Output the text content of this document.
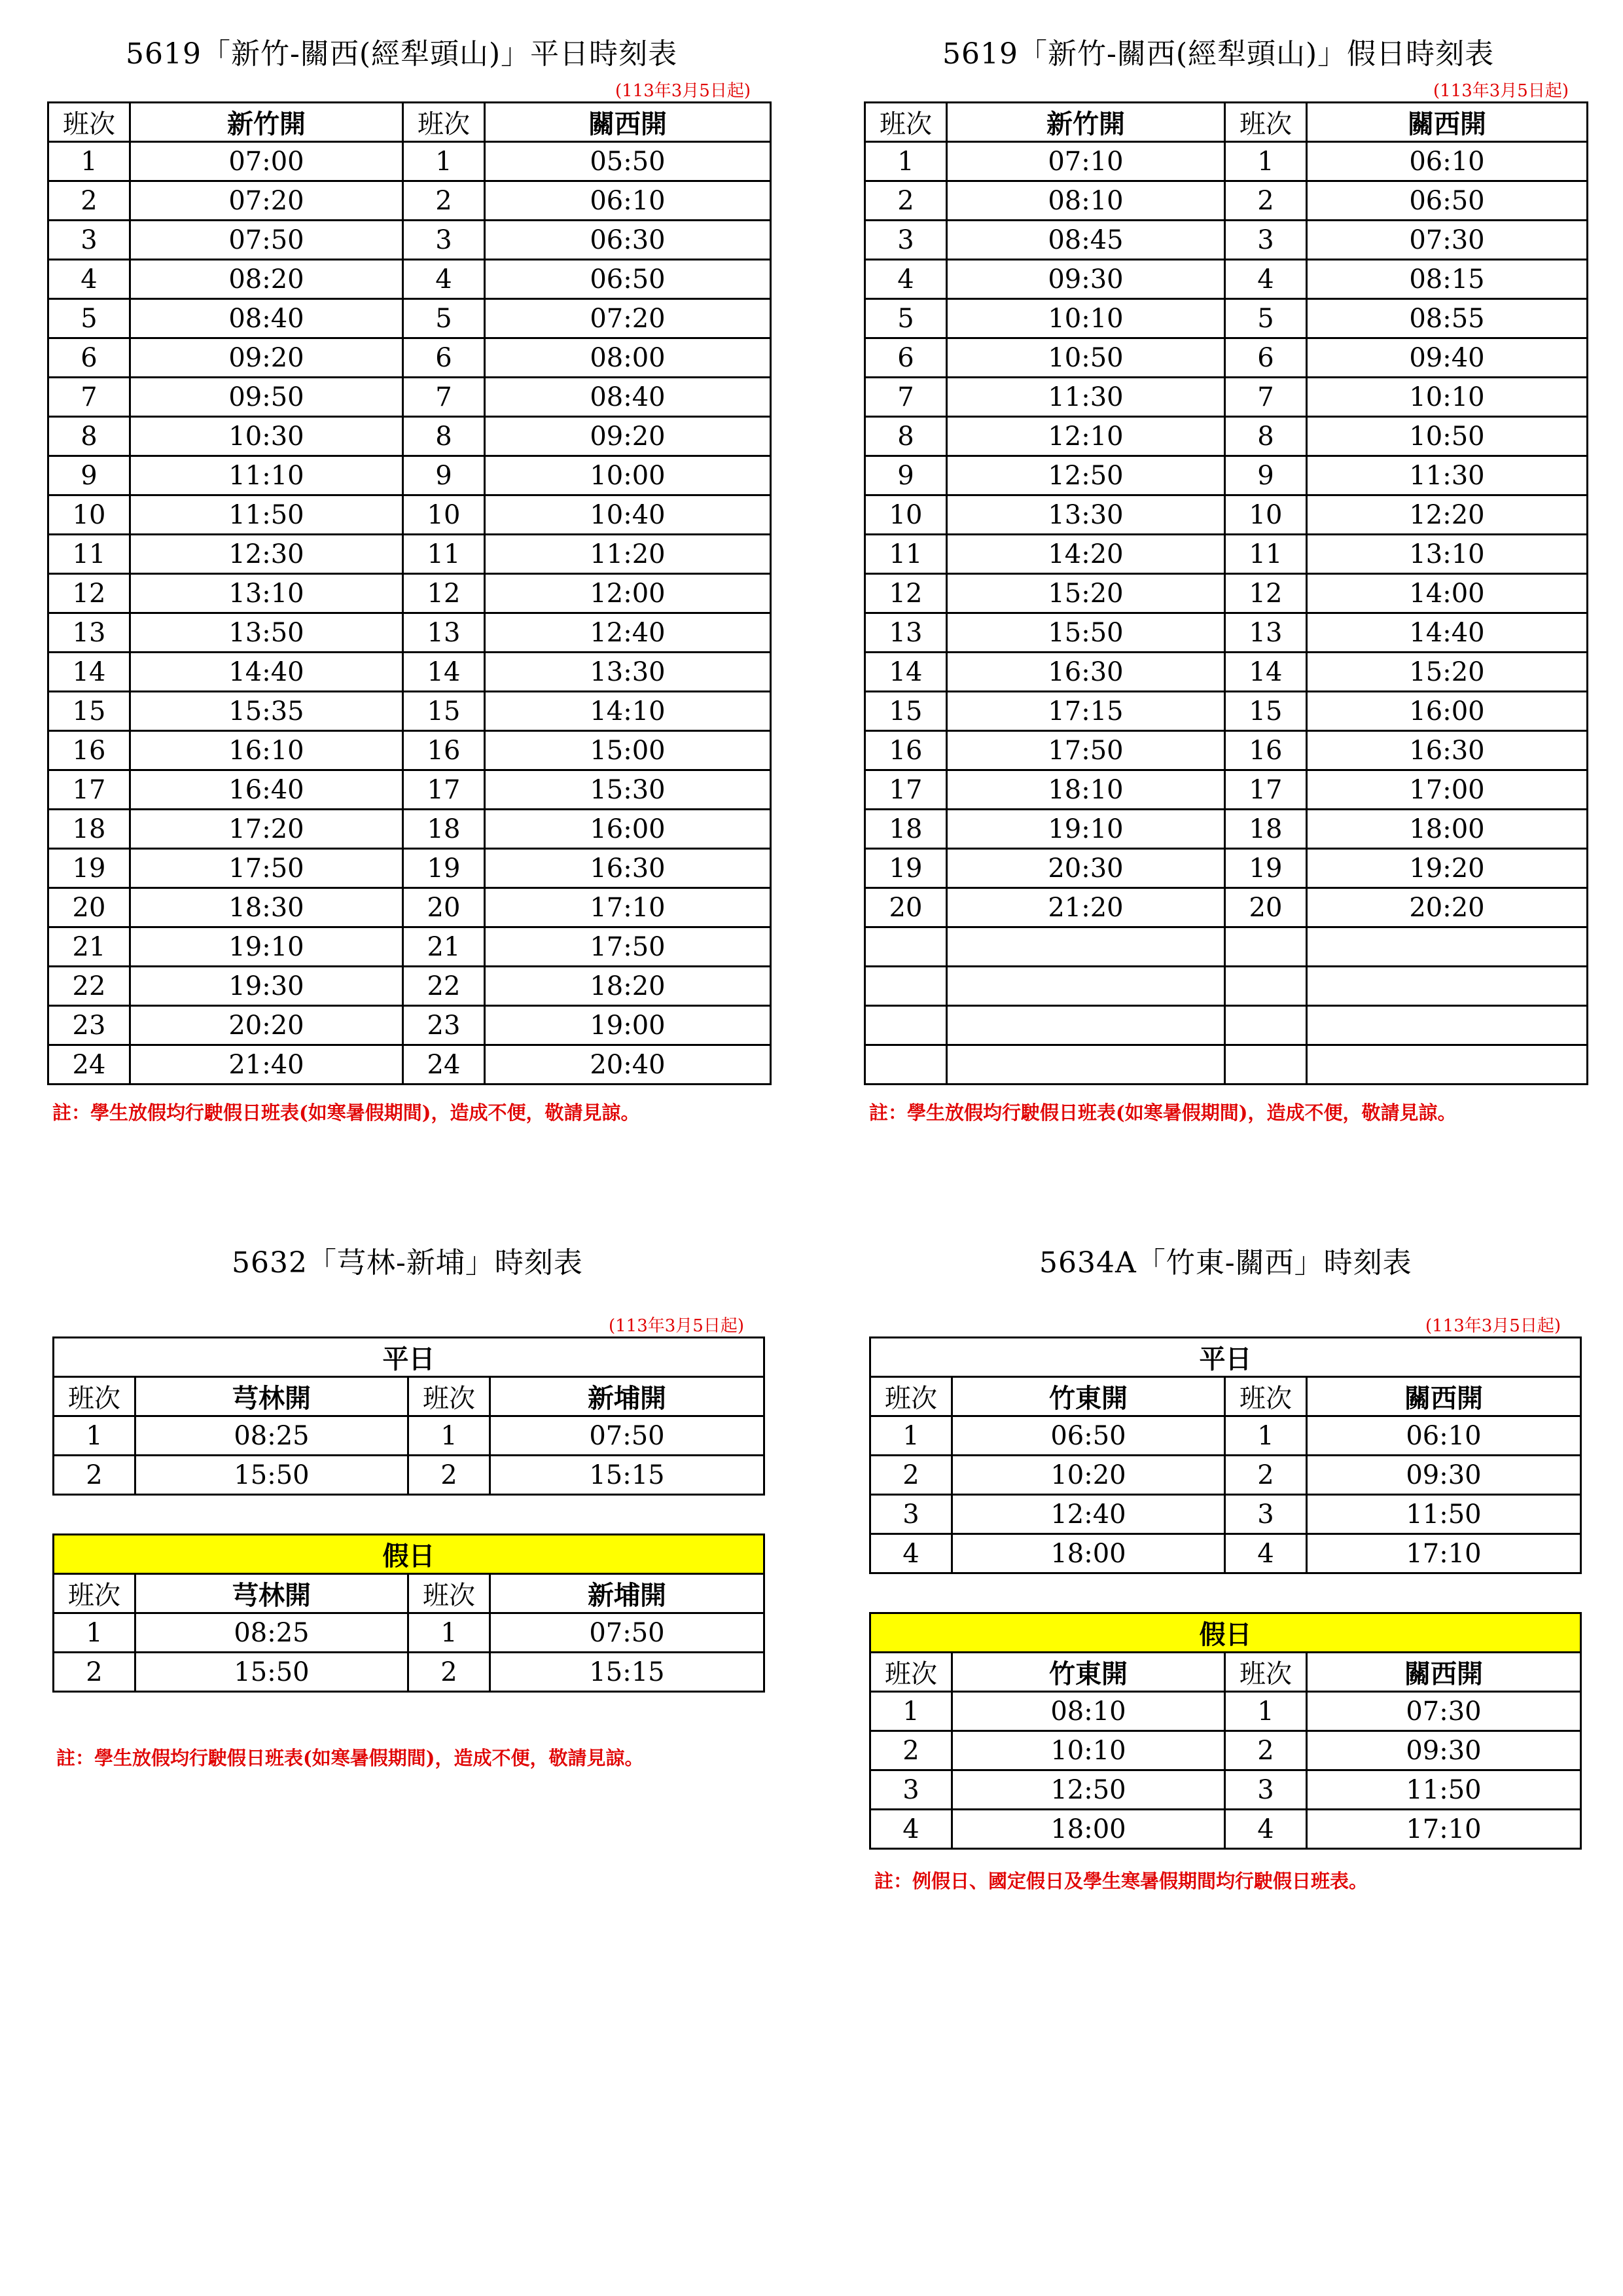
5619「新竹-關西(經犁頭山)」平日時刻表
(113年3月5日起)
班次	新竹開	班次	關西開
1	07:00	1	05:50
2	07:20	2	06:10
3	07:50	3	06:30
4	08:20	4	06:50
5	08:40	5	07:20
6	09:20	6	08:00
7	09:50	7	08:40
8	10:30	8	09:20
9	11:10	9	10:00
10	11:50	10	10:40
11	12:30	11	11:20
12	13:10	12	12:00
13	13:50	13	12:40
14	14:40	14	13:30
15	15:35	15	14:10
16	16:10	16	15:00
17	16:40	17	15:30
18	17:20	18	16:00
19	17:50	19	16:30
20	18:30	20	17:10
21	19:10	21	17:50
22	19:30	22	18:20
23	20:20	23	19:00
24	21:40	24	20:40
註：學生放假均行駛假日班表(如寒暑假期間)，造成不便，敬請見諒。
5619「新竹-關西(經犁頭山)」假日時刻表
(113年3月5日起)
班次	新竹開	班次	關西開
1	07:10	1	06:10
2	08:10	2	06:50
3	08:45	3	07:30
4	09:30	4	08:15
5	10:10	5	08:55
6	10:50	6	09:40
7	11:30	7	10:10
8	12:10	8	10:50
9	12:50	9	11:30
10	13:30	10	12:20
11	14:20	11	13:10
12	15:20	12	14:00
13	15:50	13	14:40
14	16:30	14	15:20
15	17:15	15	16:00
16	17:50	16	16:30
17	18:10	17	17:00
18	19:10	18	18:00
19	20:30	19	19:20
20	21:20	20	20:20

註：學生放假均行駛假日班表(如寒暑假期間)，造成不便，敬請見諒。
5632「芎林-新埔」時刻表
(113年3月5日起)
平日			
班次	芎林開	班次	新埔開
1	08:25	1	07:50
2	15:50	2	15:15
假日			
班次	芎林開	班次	新埔開
1	08:25	1	07:50
2	15:50	2	15:15
註：學生放假均行駛假日班表(如寒暑假期間)，造成不便，敬請見諒。
5634A「竹東-關西」時刻表
(113年3月5日起)
平日			
班次	竹東開	班次	關西開
1	06:50	1	06:10
2	10:20	2	09:30
3	12:40	3	11:50
4	18:00	4	17:10
假日			
班次	竹東開	班次	關西開
1	08:10	1	07:30
2	10:10	2	09:30
3	12:50	3	11:50
4	18:00	4	17:10
註：例假日、國定假日及學生寒暑假期間均行駛假日班表。
